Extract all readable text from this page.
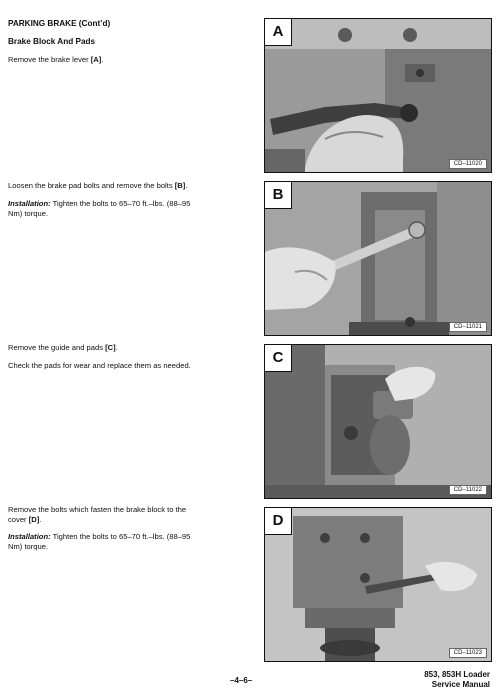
PARKING BRAKE (Cont’d)
Brake Block And Pads
Remove the brake lever [A].
Loosen the brake pad bolts and remove the bolts [B].
Installation: Tighten the bolts to 65–70 ft.–lbs. (88–95
Nm) torque.
Remove the guide and pads [C].
Check the pads for wear and replace them as needed.
Remove the bolts which fasten the brake block to the
cover [D].
Installation: Tighten the bolts to 65–70 ft.–lbs. (88–95
Nm) torque.
A
CD–11020
B
CD–11021
C
CD–11022
D
CD–11023
–4–6–
853, 853H Loader
Service Manual
